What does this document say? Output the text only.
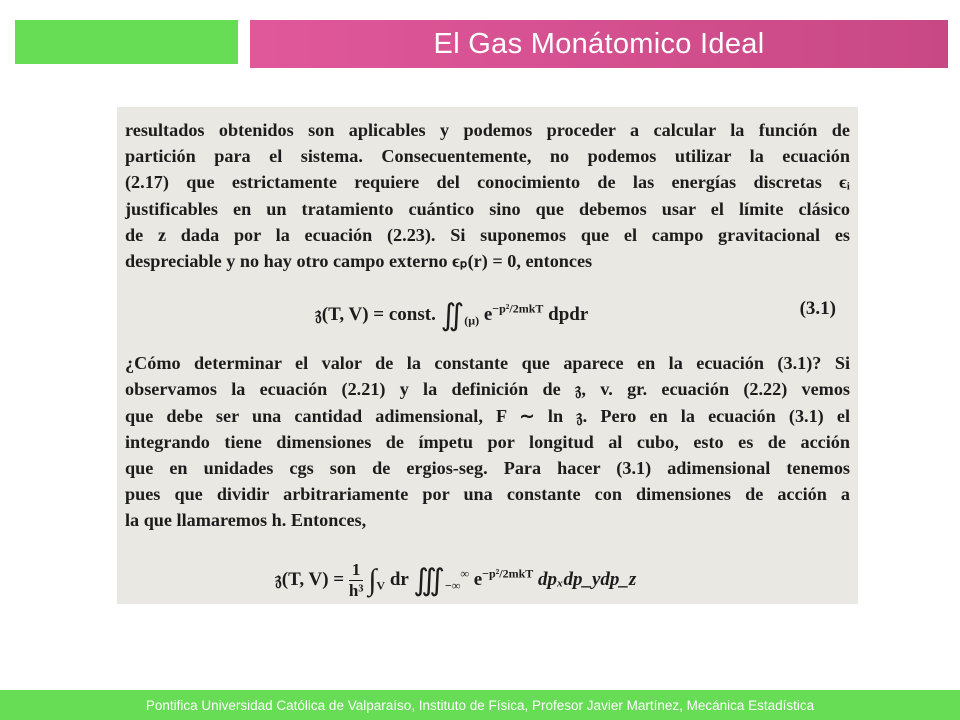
El Gas Monátomico Ideal

resultados obtenidos son aplicables y podemos proceder a calcular la función de
partición para el sistema. Consecuentemente, no podemos utilizar la ecuación
(2.17) que estrictamente requiere del conocimiento de las energías discretas ϵᵢ
justificables en un tratamiento cuántico sino que debemos usar el límite clásico
de z dada por la ecuación (2.23). Si suponemos que el campo gravitacional es
despreciable y no hay otro campo externo ϵₚ(r) = 0, entonces

𝔷(T, V) = const. $∬_{(\mu)}$ $e^{-p^2/2mkT}$ dpdr	(3.1)

¿Cómo determinar el valor de la constante que aparece en la ecuación (3.1)? Si
observamos la ecuación (2.21) y la definición de 𝔷, v. gr. ecuación (2.22) vemos
que debe ser una cantidad adimensional, F ∼ ln 𝔷. Pero en la ecuación (3.1) el
integrando tiene dimensiones de ímpetu por longitud al cubo, esto es de acción
que en unidades cgs son de ergios-seg. Para hacer (3.1) adimensional tenemos
pues que dividir arbitrariamente por una constante con dimensiones de acción a
la que llamaremos h. Entonces,

𝔷(T, $V) = \frac{1}{\text{h³}} \int_V$ dr $∭_{-\infty}^\infty$ $e^{-p^2/2mkT}$ dpₓdp_ydp_z
Pontifica Universidad Católica de Valparaíso, Instituto de Física, Profesor Javier Martínez, Mecánica Estadística
